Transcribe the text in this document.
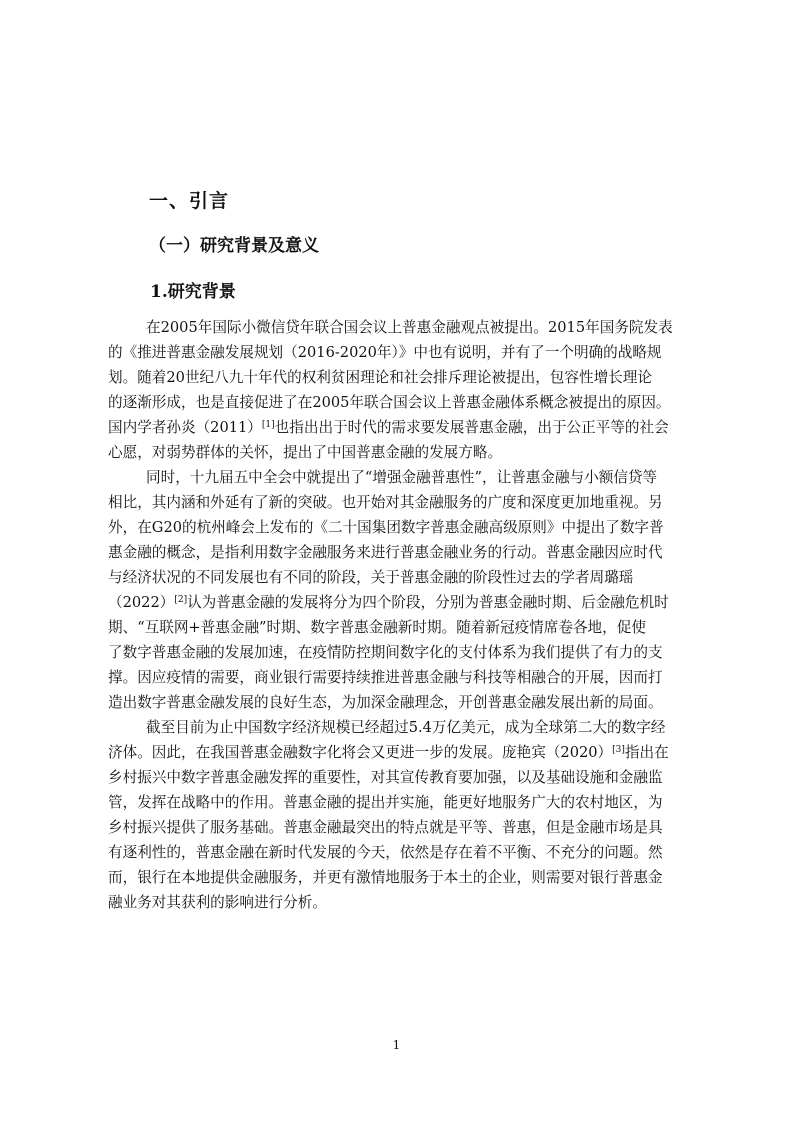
一、引言
（一）研究背景及意义
1.研究背景
在2005年国际小微信贷年联合国会议上普惠金融观点被提出。2015年国务院发表
的《推进普惠金融发展规划（2016-2020年）》中也有说明，并有了一个明确的战略规
划。随着20世纪八九十年代的权利贫困理论和社会排斥理论被提出，包容性增长理论
的逐渐形成，也是直接促进了在2005年联合国会议上普惠金融体系概念被提出的原因。
国内学者孙炎（2011）[1]也指出出于时代的需求要发展普惠金融，出于公正平等的社会
心愿，对弱势群体的关怀，提出了中国普惠金融的发展方略。
同时，十九届五中全会中就提出了“增强金融普惠性”，让普惠金融与小额信贷等
相比，其内涵和外延有了新的突破。也开始对其金融服务的广度和深度更加地重视。另
外，在G20的杭州峰会上发布的《二十国集团数字普惠金融高级原则》中提出了数字普
惠金融的概念，是指利用数字金融服务来进行普惠金融业务的行动。普惠金融因应时代
与经济状况的不同发展也有不同的阶段，关于普惠金融的阶段性过去的学者周璐瑶
（2022）[2]认为普惠金融的发展将分为四个阶段，分别为普惠金融时期、后金融危机时
期、“互联网+普惠金融”时期、数字普惠金融新时期。随着新冠疫情席卷各地，促使
了数字普惠金融的发展加速，在疫情防控期间数字化的支付体系为我们提供了有力的支
撑。因应疫情的需要，商业银行需要持续推进普惠金融与科技等相融合的开展，因而打
造出数字普惠金融发展的良好生态，为加深金融理念，开创普惠金融发展出新的局面。
截至目前为止中国数字经济规模已经超过5.4万亿美元，成为全球第二大的数字经
济体。因此，在我国普惠金融数字化将会又更进一步的发展。庞艳宾（2020）[3]指出在
乡村振兴中数字普惠金融发挥的重要性，对其宣传教育要加强，以及基础设施和金融监
管，发挥在战略中的作用。普惠金融的提出并实施，能更好地服务广大的农村地区，为
乡村振兴提供了服务基础。普惠金融最突出的特点就是平等、普惠，但是金融市场是具
有逐利性的，普惠金融在新时代发展的今天，依然是存在着不平衡、不充分的问题。然
而，银行在本地提供金融服务，并更有激情地服务于本土的企业，则需要对银行普惠金
融业务对其获利的影响进行分析。
1
